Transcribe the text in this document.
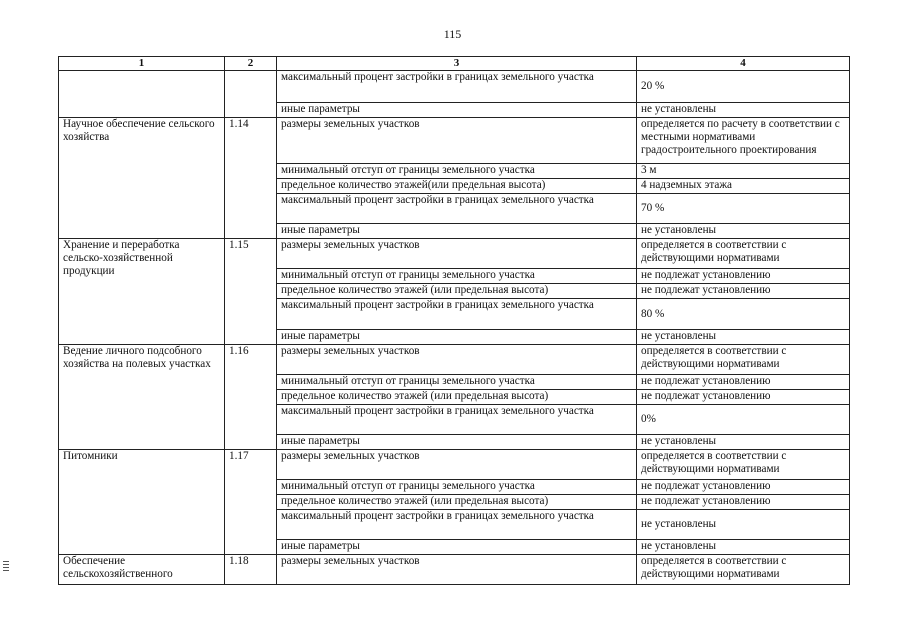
115
1	2	3	4
		максимальный процент застройки в границах земельного участка	20 %
		иные параметры	не установлены
Научное обеспечение сельского хозяйства	1.14	размеры земельных участков	определяется по расчету в соответствии с местными нормативами градостроительного проектирования
		минимальный отступ от границы земельного участка	3 м
		предельное количество этажей(или предельная высота)	4 надземных этажа
		максимальный процент застройки в границах земельного участка	70 %
		иные параметры	не установлены
Хранение и переработка сельско-хозяйственной продукции	1.15	размеры земельных участков	определяется в соответствии с действующими нормативами
		минимальный отступ от границы земельного участка	не подлежат установлению
		предельное количество этажей (или предельная высота)	не подлежат установлению
		максимальный процент застройки в границах земельного участка	80 %
		иные параметры	не установлены
Ведение личного подсобного хозяйства на полевых участках	1.16	размеры земельных участков	определяется в соответствии с действующими нормативами
		минимальный отступ от границы земельного участка	не подлежат установлению
		предельное количество этажей (или предельная высота)	не подлежат установлению
		максимальный процент застройки в границах земельного участка	0%
		иные параметры	не установлены
Питомники	1.17	размеры земельных участков	определяется в соответствии с действующими нормативами
		минимальный отступ от границы земельного участка	не подлежат установлению
		предельное количество этажей (или предельная высота)	не подлежат установлению
		максимальный процент застройки в границах земельного участка	не установлены
		иные параметры	не установлены
Обеспечение сельскохозяйственного	1.18	размеры земельных участков	определяется в соответствии с действующими нормативами
